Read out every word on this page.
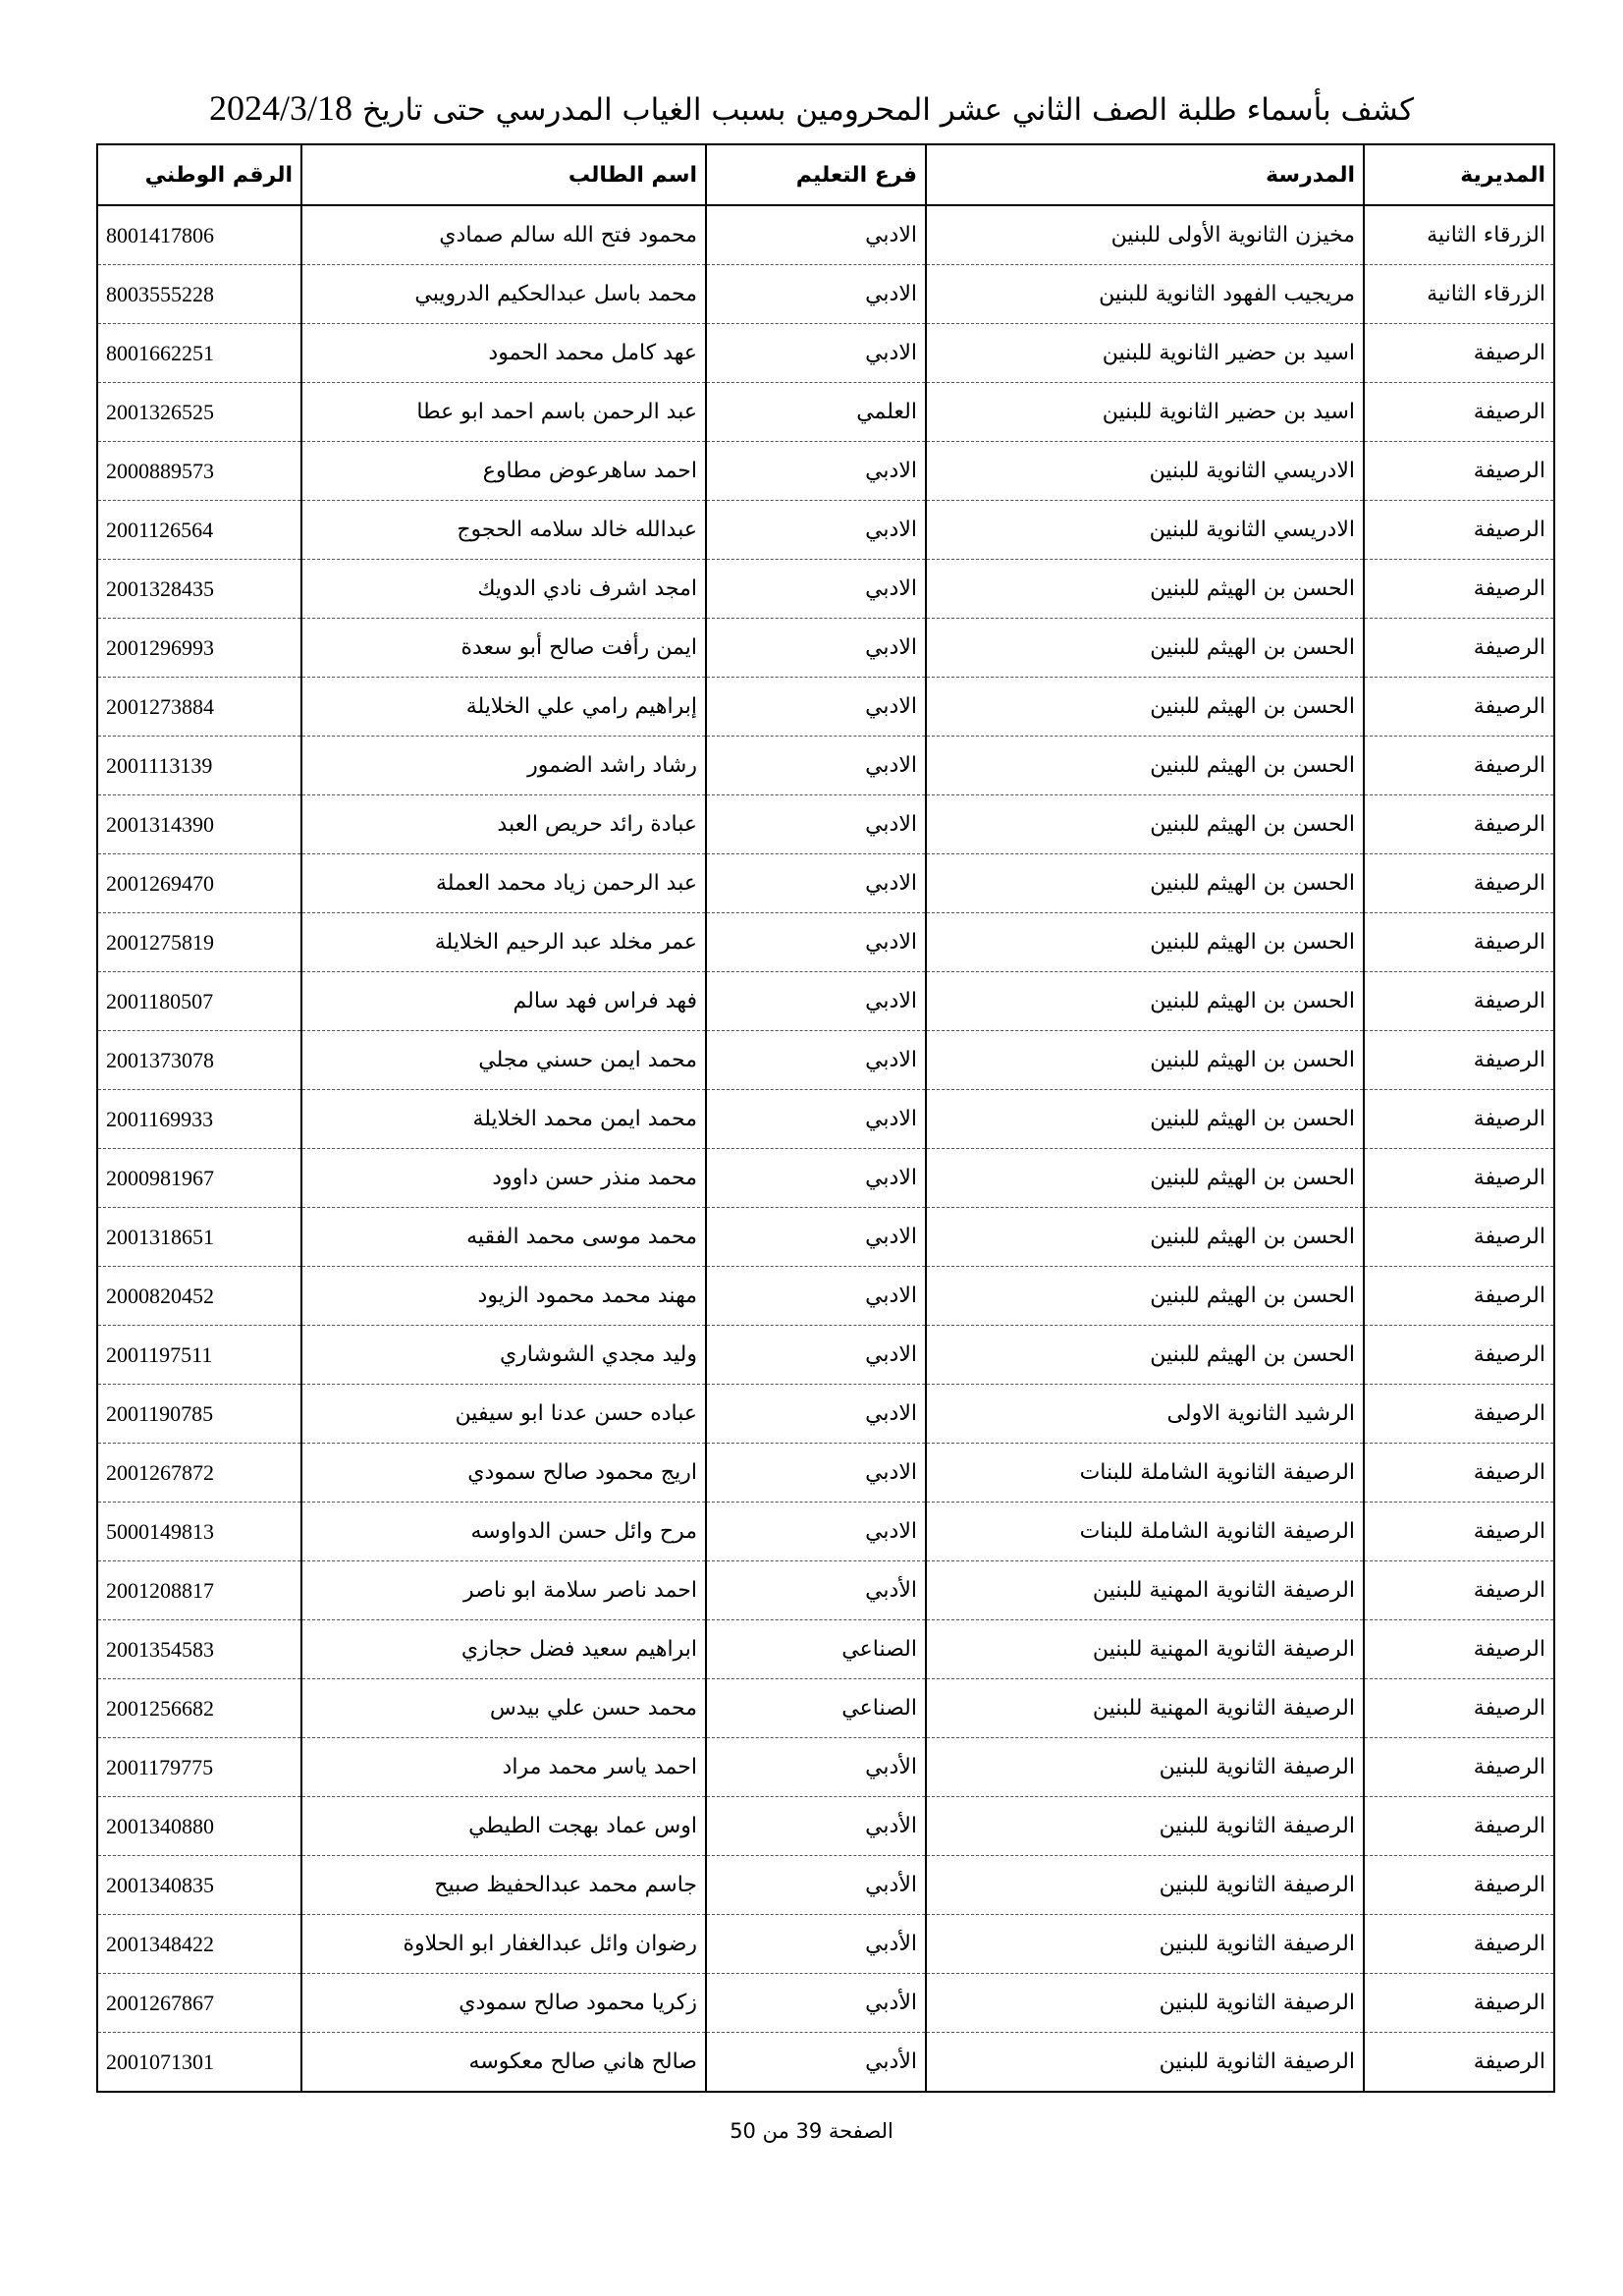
كشف بأسماء طلبة الصف الثاني عشر المحرومين بسبب الغياب المدرسي حتى تاريخ 2024/3/18
المديرية	المدرسة	فرع التعليم	اسم الطالب	الرقم الوطني
الزرقاء الثانية	مخيزن الثانوية الأولى للبنين	الادبي	محمود فتح الله سالم صمادي	8001417806
الزرقاء الثانية	مريجيب الفهود الثانوية للبنين	الادبي	محمد باسل عبدالحكيم الدرويبي	8003555228
الرصيفة	اسيد بن حضير الثانوية للبنين	الادبي	عهد كامل محمد الحمود	8001662251
الرصيفة	اسيد بن حضير الثانوية للبنين	العلمي	عبد الرحمن باسم احمد ابو عطا	2001326525
الرصيفة	الادريسي الثانوية للبنين	الادبي	احمد ساهرعوض مطاوع	2000889573
الرصيفة	الادريسي الثانوية للبنين	الادبي	عبدالله خالد سلامه الحجوج	2001126564
الرصيفة	الحسن بن الهيثم للبنين	الادبي	امجد اشرف نادي الدويك	2001328435
الرصيفة	الحسن بن الهيثم للبنين	الادبي	ايمن رأفت صالح أبو سعدة	2001296993
الرصيفة	الحسن بن الهيثم للبنين	الادبي	إبراهيم رامي علي الخلايلة	2001273884
الرصيفة	الحسن بن الهيثم للبنين	الادبي	رشاد راشد الضمور	2001113139
الرصيفة	الحسن بن الهيثم للبنين	الادبي	عبادة رائد حريص العبد	2001314390
الرصيفة	الحسن بن الهيثم للبنين	الادبي	عبد الرحمن زياد محمد العملة	2001269470
الرصيفة	الحسن بن الهيثم للبنين	الادبي	عمر مخلد عبد الرحيم الخلايلة	2001275819
الرصيفة	الحسن بن الهيثم للبنين	الادبي	فهد فراس فهد سالم	2001180507
الرصيفة	الحسن بن الهيثم للبنين	الادبي	محمد ايمن حسني مجلي	2001373078
الرصيفة	الحسن بن الهيثم للبنين	الادبي	محمد ايمن محمد الخلايلة	2001169933
الرصيفة	الحسن بن الهيثم للبنين	الادبي	محمد منذر حسن داوود	2000981967
الرصيفة	الحسن بن الهيثم للبنين	الادبي	محمد موسى محمد الفقيه	2001318651
الرصيفة	الحسن بن الهيثم للبنين	الادبي	مهند محمد محمود الزيود	2000820452
الرصيفة	الحسن بن الهيثم للبنين	الادبي	وليد مجدي الشوشاري	2001197511
الرصيفة	الرشيد الثانوية الاولى	الادبي	عباده حسن عدنا ابو سيفين	2001190785
الرصيفة	الرصيفة الثانوية الشاملة للبنات	الادبي	اريج محمود صالح سمودي	2001267872
الرصيفة	الرصيفة الثانوية الشاملة للبنات	الادبي	مرح وائل حسن الدواوسه	5000149813
الرصيفة	الرصيفة الثانوية المهنية للبنين	الأدبي	احمد ناصر سلامة ابو ناصر	2001208817
الرصيفة	الرصيفة الثانوية المهنية للبنين	الصناعي	ابراهيم سعيد فضل حجازي	2001354583
الرصيفة	الرصيفة الثانوية المهنية للبنين	الصناعي	محمد حسن علي بيدس	2001256682
الرصيفة	الرصيفة الثانوية للبنين	الأدبي	احمد ياسر محمد مراد	2001179775
الرصيفة	الرصيفة الثانوية للبنين	الأدبي	اوس عماد بهجت الطيطي	2001340880
الرصيفة	الرصيفة الثانوية للبنين	الأدبي	جاسم محمد عبدالحفيظ صبيح	2001340835
الرصيفة	الرصيفة الثانوية للبنين	الأدبي	رضوان وائل عبدالغفار ابو الحلاوة	2001348422
الرصيفة	الرصيفة الثانوية للبنين	الأدبي	زكريا محمود صالح سمودي	2001267867
الرصيفة	الرصيفة الثانوية للبنين	الأدبي	صالح هاني صالح معكوسه	2001071301
الصفحة 39 من 50
